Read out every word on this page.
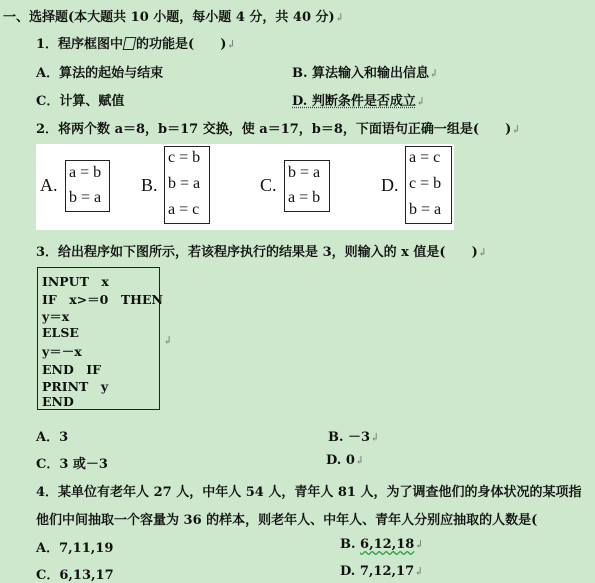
一、选择题(本大题共 10 小题，每小题 4 分，共 40 分)↲
1．程序框图中 的功能是(　　)↲
A．算法的起始与结束	B. 算法输入和输出信息↲
C．计算、赋值	D. 判断条件是否成立↲
2．将两个数 a＝8，b＝17 交换，使 a＝17，b＝8，下面语句正确一组是(　　)↲
A.
a = b
b = a
B.
c = b
b = a
a = c
C.
b = a
a = b
D.
a = c
c = b
b = a
3．给出程序如下图所示，若该程序执行的结果是 3，则输入的 x 值是(　　)↲
INPUT　x
IF　x>＝0　THEN
y＝x
ELSE
y＝－x
END　IF
PRINT　y
END
↲
A．3	B. －3↲
C．3 或－3	D. 0↲
4．某单位有老年人 27 人，中年人 54 人，青年人 81 人，为了调查他们的身体状况的某项指
他们中间抽取一个容量为 36 的样本，则老年人、中年人、青年人分别应抽取的人数是(
A．7,11,19	B. 6,12,18↲
C．6,13,17	D. 7,12,17↲
